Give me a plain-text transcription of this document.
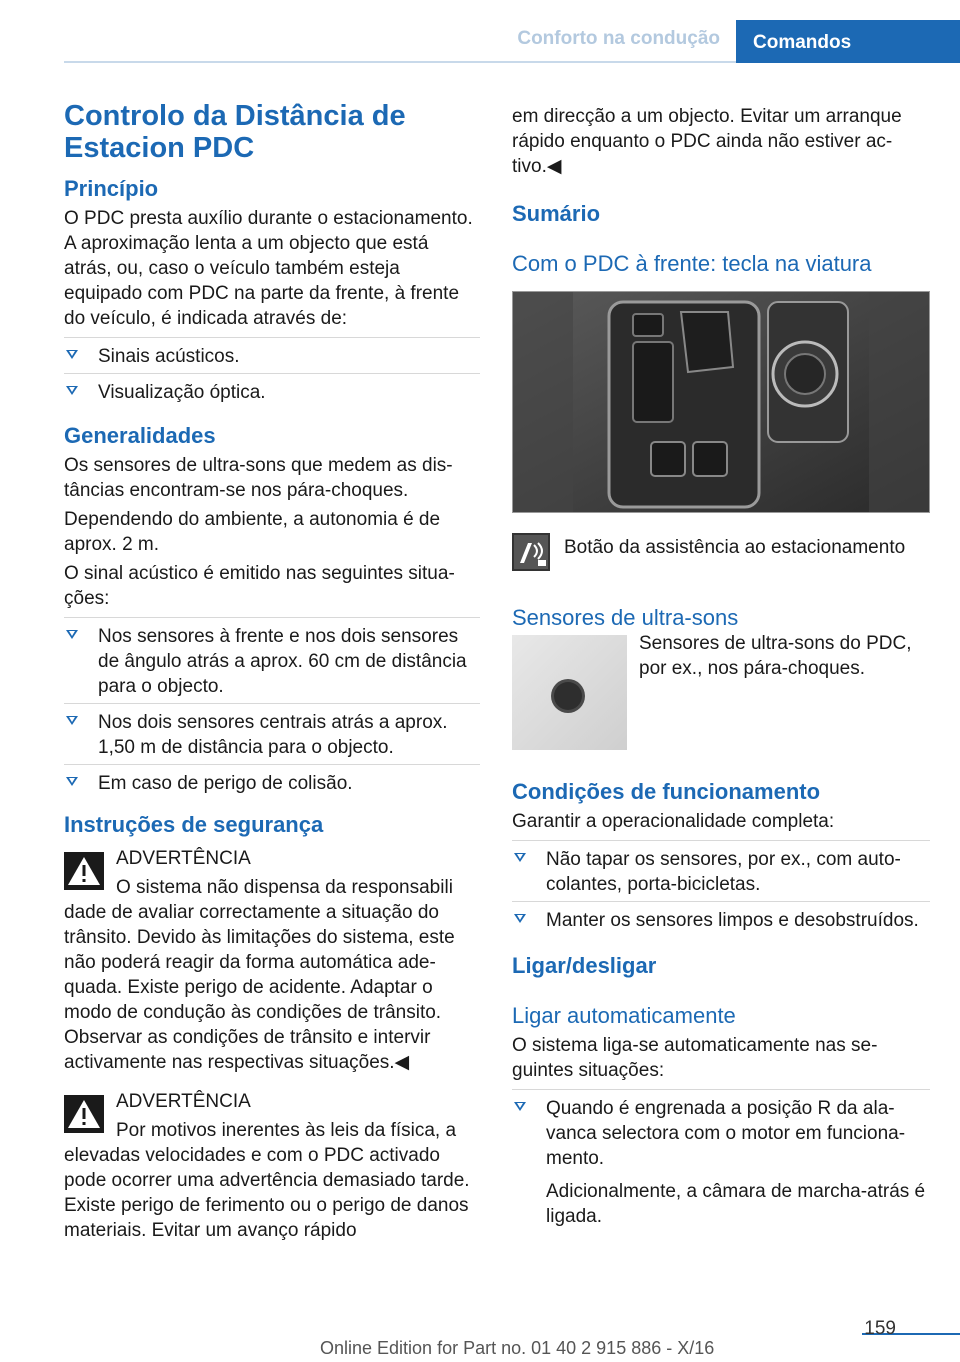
Conforto na condução	Comandos
Controlo da Distância de Estacion PDC
Princípio

O PDC presta auxílio durante o estacionamento. A aproximação lenta a um objecto que está atrás, ou, caso o veículo também esteja equipado com PDC na parte da frente, à frente do veículo, é indicada através de:

Sinais acústicos.
Visualização óptica.
Generalidades

Os sensores de ultra-sons que medem as distâncias encontram-se nos pára-choques.

Dependendo do ambiente, a autonomia é de aprox. 2 m.

O sinal acústico é emitido nas seguintes situações:

Nos sensores à frente e nos dois sensores de ângulo atrás a aprox. 60 cm de distância para o objecto.
Nos dois sensores centrais atrás a aprox. 1,50 m de distância para o objecto.
Em caso de perigo de colisão.
Instruções de segurança
ADVERTÊNCIA
O sistema não dispensa da responsabili
dade de avaliar correctamente a situação do trânsito. Devido às limitações do sistema, este não poderá reagir da forma automática adequada. Existe perigo de acidente. Adaptar o modo de condução às condições de trânsito. Observar as condições de trânsito e intervir activamente nas respectivas situações.◀
ADVERTÊNCIA
Por motivos inerentes às leis da física, a
elevadas velocidades e com o PDC activado pode ocorrer uma advertência demasiado tarde. Existe perigo de ferimento ou o perigo de danos materiais. Evitar um avanço rápido

em direcção a um objecto. Evitar um arranque rápido enquanto o PDC ainda não estiver activo.◀

Sumário
Com o PDC à frente: tecla na viatura
Botão da assistência ao estacionamento
Sensores de ultra-sons

Sensores de ultra-sons do PDC, por ex., nos pára-choques.

Condições de funcionamento

Garantir a operacionalidade completa:

Não tapar os sensores, por ex., com autocolantes, porta-bicicletas.
Manter os sensores limpos e desobstruídos.
Ligar/desligar
Ligar automaticamente

O sistema liga-se automaticamente nas seguintes situações:

Quando é engrenada a posição R da alavanca selectora com o motor em funcionamento.
Adicionalmente, a câmara de marcha-atrás é ligada.
159
Online Edition for Part no. 01 40 2 915 886 - X/16
